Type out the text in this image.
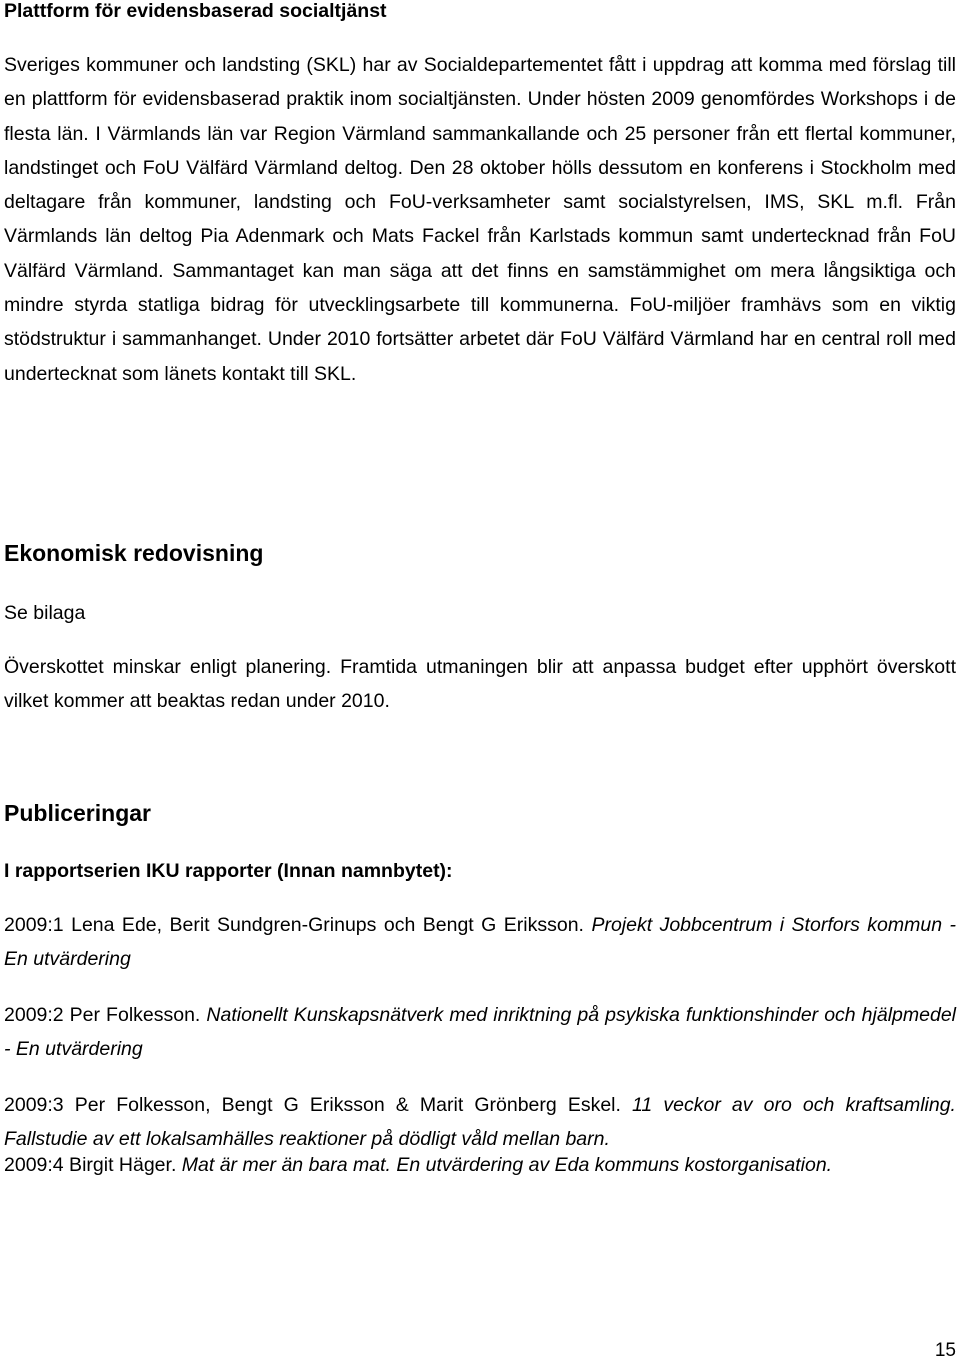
Plattform för evidensbaserad socialtjänst
Sveriges kommuner och landsting (SKL) har av Socialdepartementet fått i uppdrag att komma med förslag till en plattform för evidensbaserad praktik inom socialtjänsten. Under hösten 2009 genomfördes Workshops i de flesta län. I Värmlands län var Region Värmland sammankallande och 25 personer från ett flertal kommuner, landstinget och FoU Välfärd Värmland deltog. Den 28 oktober hölls dessutom en konferens i Stockholm med deltagare från kommuner, landsting och FoU-verksamheter samt socialstyrelsen, IMS, SKL m.fl. Från Värmlands län deltog Pia Adenmark och Mats Fackel från Karlstads kommun samt undertecknad från FoU Välfärd Värmland. Sammantaget kan man säga att det finns en samstämmighet om mera långsiktiga och mindre styrda statliga bidrag för utvecklingsarbete till kommunerna. FoU-miljöer framhävs som en viktig stödstruktur i sammanhanget. Under 2010 fortsätter arbetet där FoU Välfärd Värmland har en central roll med undertecknat som länets kontakt till SKL.
Ekonomisk redovisning
Se bilaga
Överskottet minskar enligt planering. Framtida utmaningen blir att anpassa budget efter upphört överskott vilket kommer att beaktas redan under 2010.
Publiceringar
I rapportserien IKU rapporter (Innan namnbytet):
2009:1 Lena Ede, Berit Sundgren-Grinups och Bengt G Eriksson. Projekt Jobbcentrum i Storfors kommun - En utvärdering
2009:2 Per Folkesson. Nationellt Kunskapsnätverk med inriktning på psykiska funktionshinder och hjälpmedel - En utvärdering
2009:3 Per Folkesson, Bengt G Eriksson & Marit Grönberg Eskel. 11 veckor av oro och kraftsamling. Fallstudie av ett lokalsamhälles reaktioner på dödligt våld mellan barn.
2009:4 Birgit Häger. Mat är mer än bara mat. En utvärdering av Eda kommuns kostorganisation.
15
